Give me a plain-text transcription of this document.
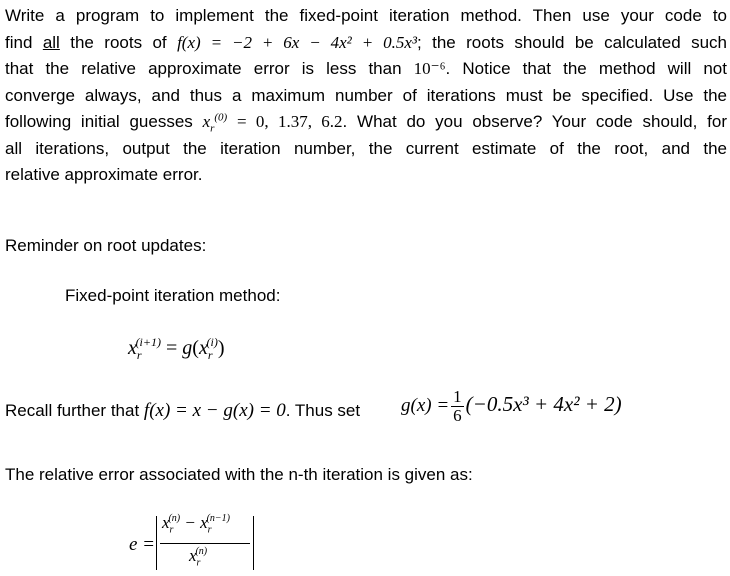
Write a program to implement the fixed-point iteration method. Then use your code to
find all the roots of f(x) = −2 + 6x − 4x² + 0.5x³; the roots should be calculated such
that the relative approximate error is less than 10⁻⁶. Notice that the method will not
converge always, and thus a maximum number of iterations must be specified. Use the
following initial guesses $x_r^{(0)} = 0$, 1.37, 6.2. What do you observe? Your code should, for
all iterations, output the iteration number, the current estimate of the root, and the
relative approximate error.
Reminder on root updates:
Fixed-point iteration method:
$x_r^{(i+1)} = g(x_r^{(i)})$
Recall further that f(x) = x − g(x) = 0. Thus set $g(x) = \frac{1}{6} (-0.5x^3 + 4x^2 + 2)$
The relative error associated with the n-th iteration is given as:
e =
$x_r^{(n)} - x_r^{(n-1)}$
$x_r^{(n)}$
